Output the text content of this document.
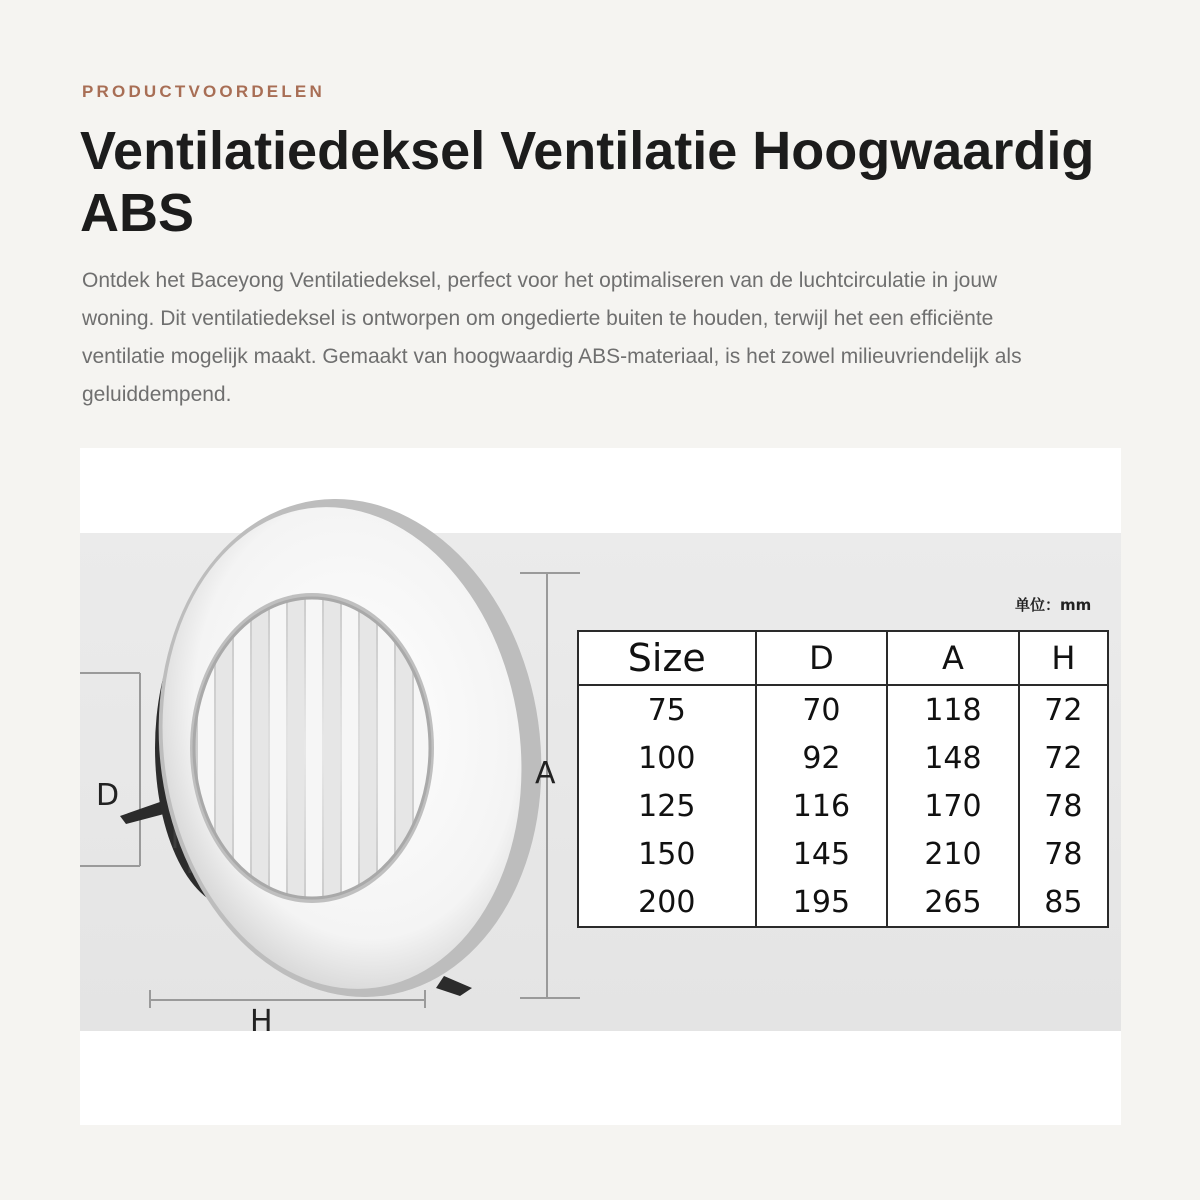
PRODUCTVOORDELEN
Ventilatiedeksel Ventilatie Hoogwaardig ABS

Ontdek het Baceyong Ventilatiedeksel, perfect voor het optimaliseren van de luchtcirculatie in jouw woning. Dit ventilatiedeksel is ontworpen om ongedierte buiten te houden, terwijl het een efficiënte ventilatie mogelijk maakt. Gemaakt van hoogwaardig ABS-materiaal, is het zowel milieuvriendelijk als geluiddempend.

D
A
H
单位：mm
Size	D	A	H
75	70	118	72
100	92	148	72
125	116	170	78
150	145	210	78
200	195	265	85
